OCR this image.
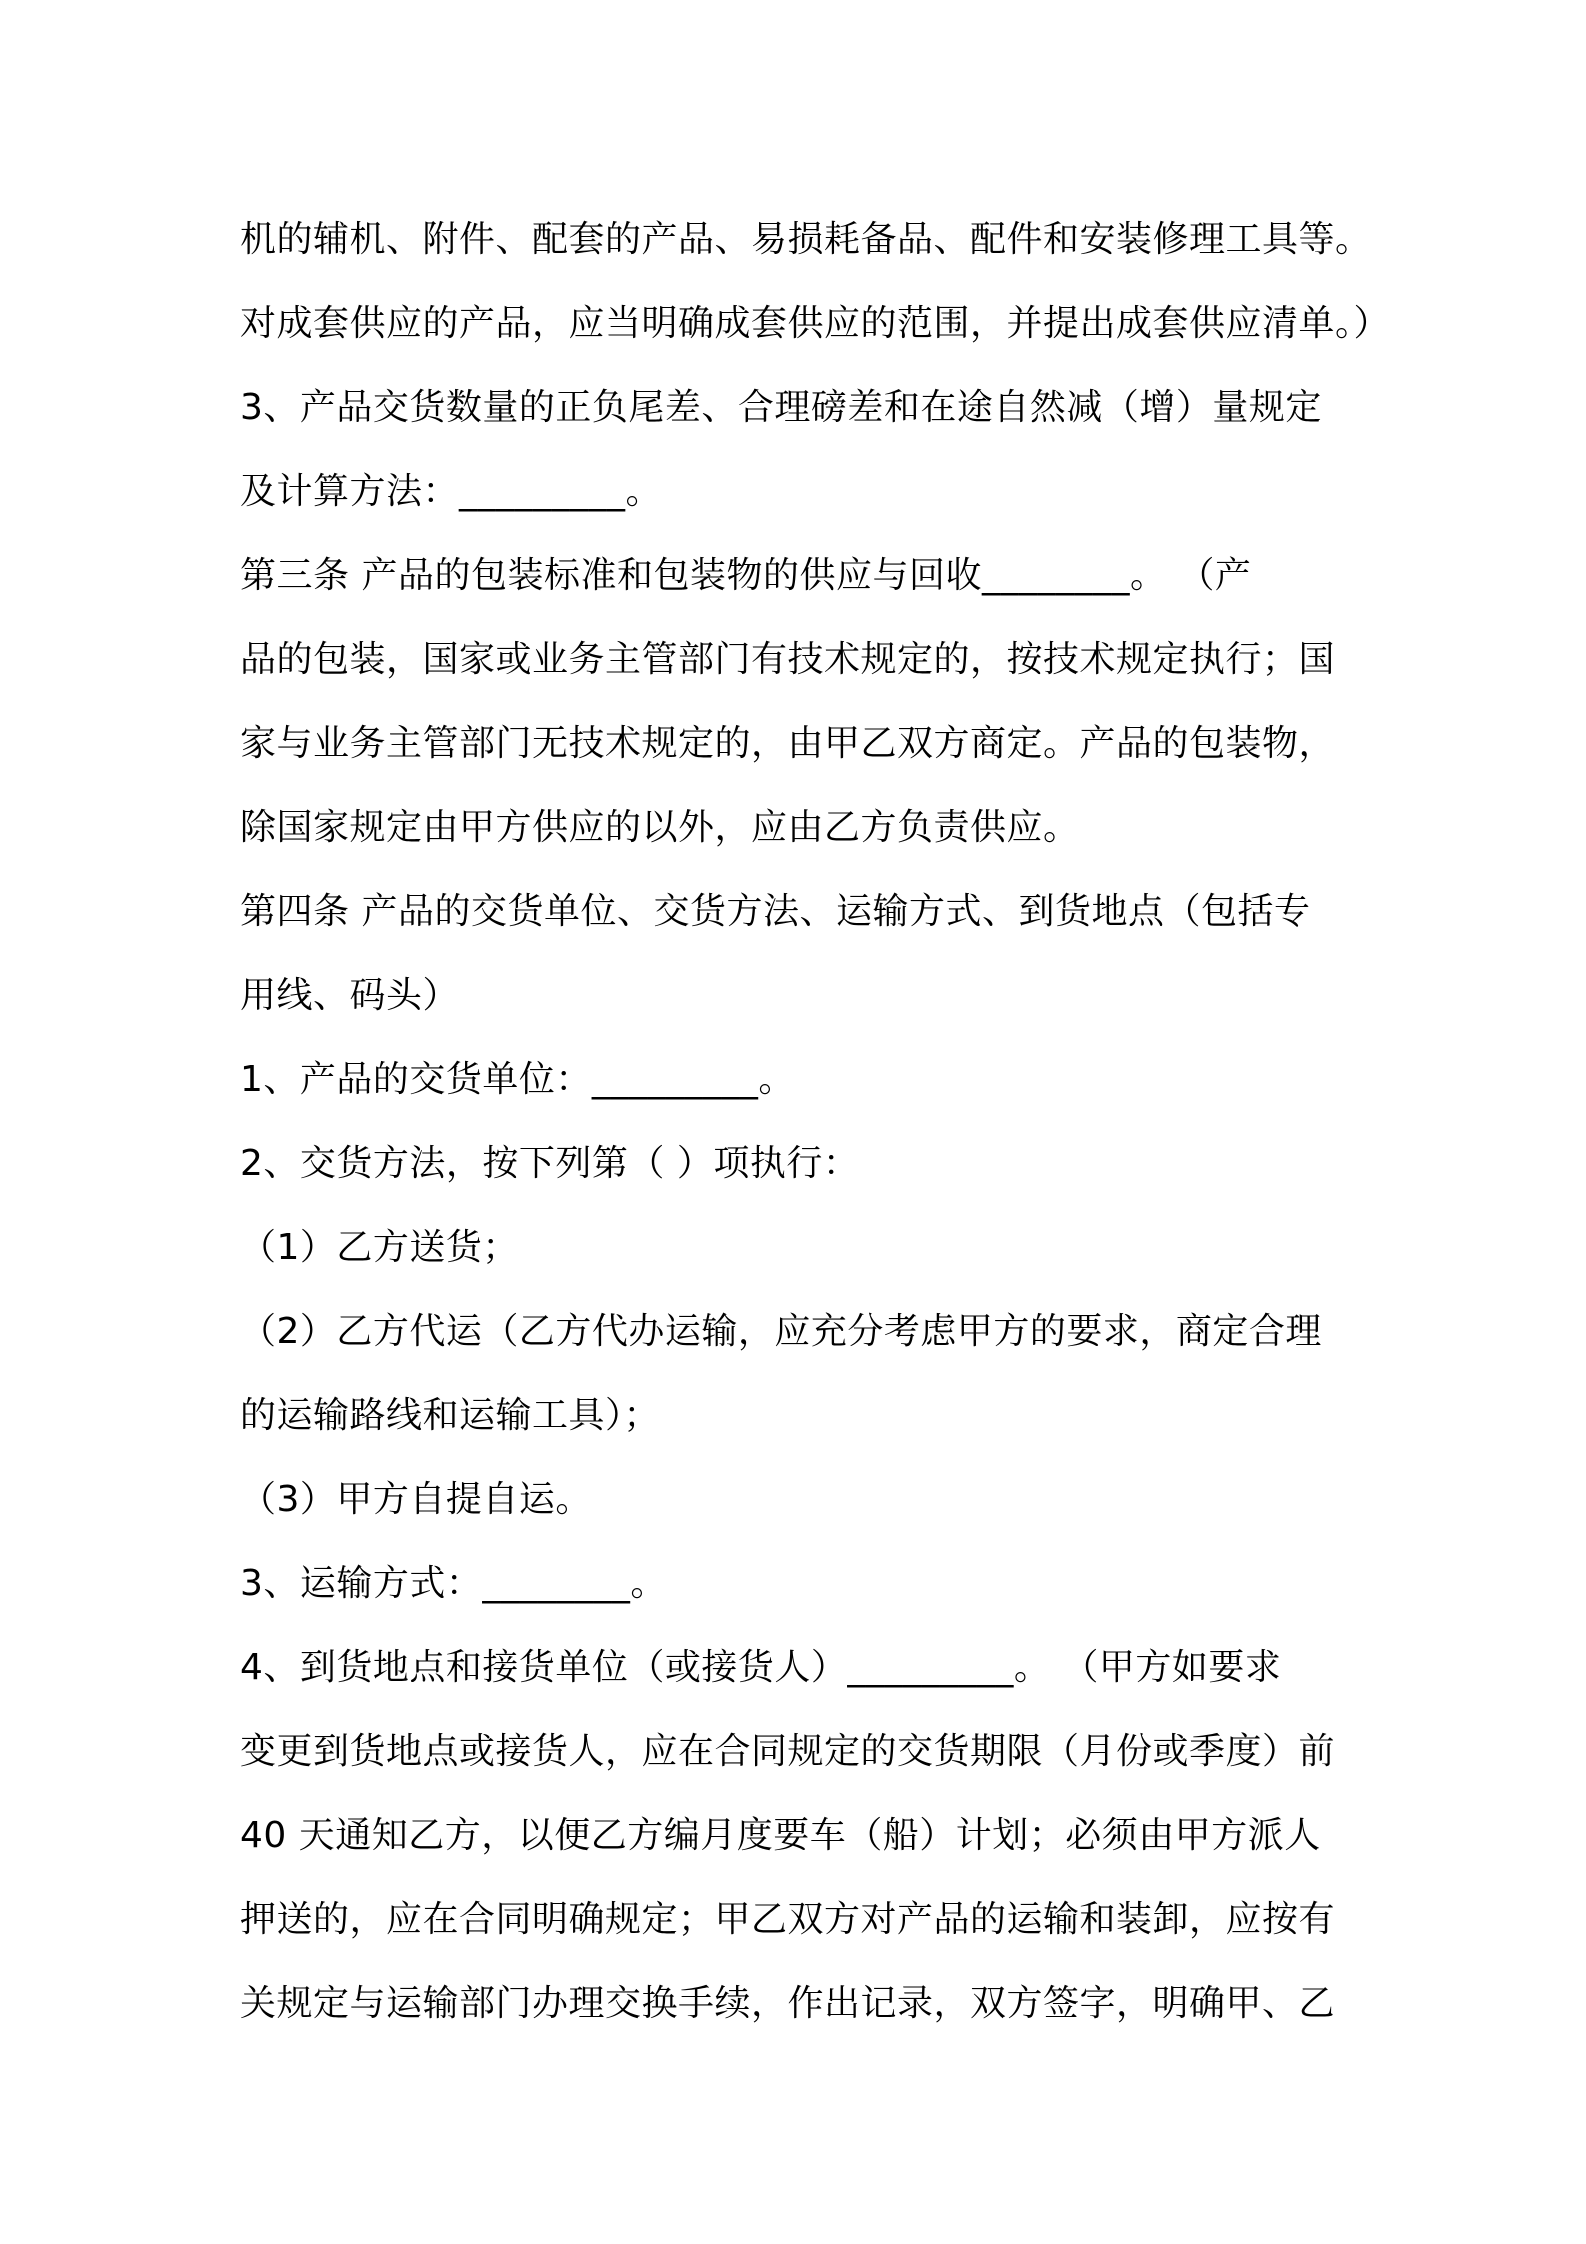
机的辅机、附件、配套的产品、易损耗备品、配件和安装修理工具等。
对成套供应的产品，应当明确成套供应的范围，并提出成套供应清单。）
3、产品交货数量的正负尾差、合理磅差和在途自然减（增）量规定
及计算方法：_________。
第三条 产品的包装标准和包装物的供应与回收________。 （产
品的包装，国家或业务主管部门有技术规定的，按技术规定执行；国
家与业务主管部门无技术规定的，由甲乙双方商定。产品的包装物，
除国家规定由甲方供应的以外，应由乙方负责供应。
第四条 产品的交货单位、交货方法、运输方式、到货地点（包括专
用线、码头）
1、产品的交货单位：_________。
2、交货方法，按下列第（ ）项执行：
（1）乙方送货；
（2）乙方代运（乙方代办运输，应充分考虑甲方的要求，商定合理
的运输路线和运输工具）；
（3）甲方自提自运。
3、运输方式：________。
4、到货地点和接货单位（或接货人）_________。 （甲方如要求
变更到货地点或接货人，应在合同规定的交货期限（月份或季度）前
40 天通知乙方，以便乙方编月度要车（船）计划；必须由甲方派人
押送的，应在合同明确规定；甲乙双方对产品的运输和装卸，应按有
关规定与运输部门办理交换手续，作出记录，双方签字，明确甲、乙
